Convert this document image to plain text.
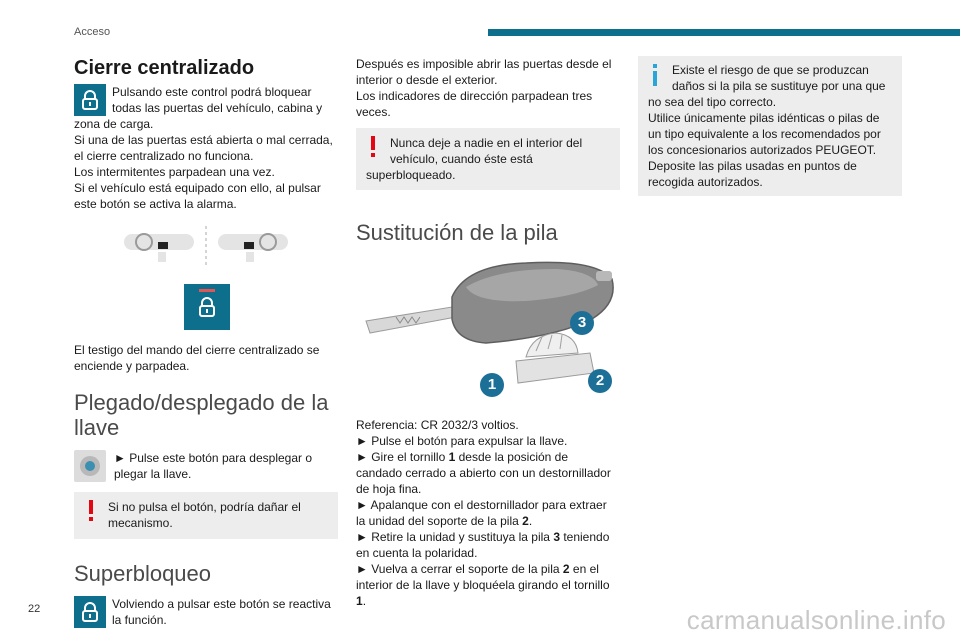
Acceso
22	carmanualsonline.info
Cierre centralizado

Pulsando este control podrá bloquear

todas las puertas del vehículo, cabina y

zona de carga.

Si una de las puertas está abierta o mal cerrada,

el cierre centralizado no funciona.

Los intermitentes parpadean una vez.

Si el vehículo está equipado con ello, al pulsar

este botón se activa la alarma.

El testigo del mando del cierre centralizado se

enciende y parpadea.

Plegado/desplegado de la
llave

► Pulse este botón para desplegar o

plegar la llave.

Si no pulsa el botón, podría dañar el

mecanismo.

Superbloqueo

Volviendo a pulsar este botón se reactiva

la función.

Después es imposible abrir las puertas desde el

interior o desde el exterior.

Los indicadores de dirección parpadean tres

veces.

Nunca deje a nadie en el interior del

vehículo, cuando éste está

superbloqueado.

Sustitución de la pila
3
2
1

Referencia: CR 2032/3 voltios.

► Pulse el botón para expulsar la llave.

► Gire el tornillo 1 desde la posición de

candado cerrado a abierto con un destornillador

de hoja fina.

► Apalanque con el destornillador para extraer

la unidad del soporte de la pila 2.

► Retire la unidad y sustituya la pila 3 teniendo

en cuenta la polaridad.

► Vuelva a cerrar el soporte de la pila 2 en el

interior de la llave y bloquéela girando el tornillo

1.

Existe el riesgo de que se produzcan

daños si la pila se sustituye por una que

no sea del tipo correcto.

Utilice únicamente pilas idénticas o pilas de

un tipo equivalente a los recomendados por

los concesionarios autorizados PEUGEOT.

Deposite las pilas usadas en puntos de

recogida autorizados.
